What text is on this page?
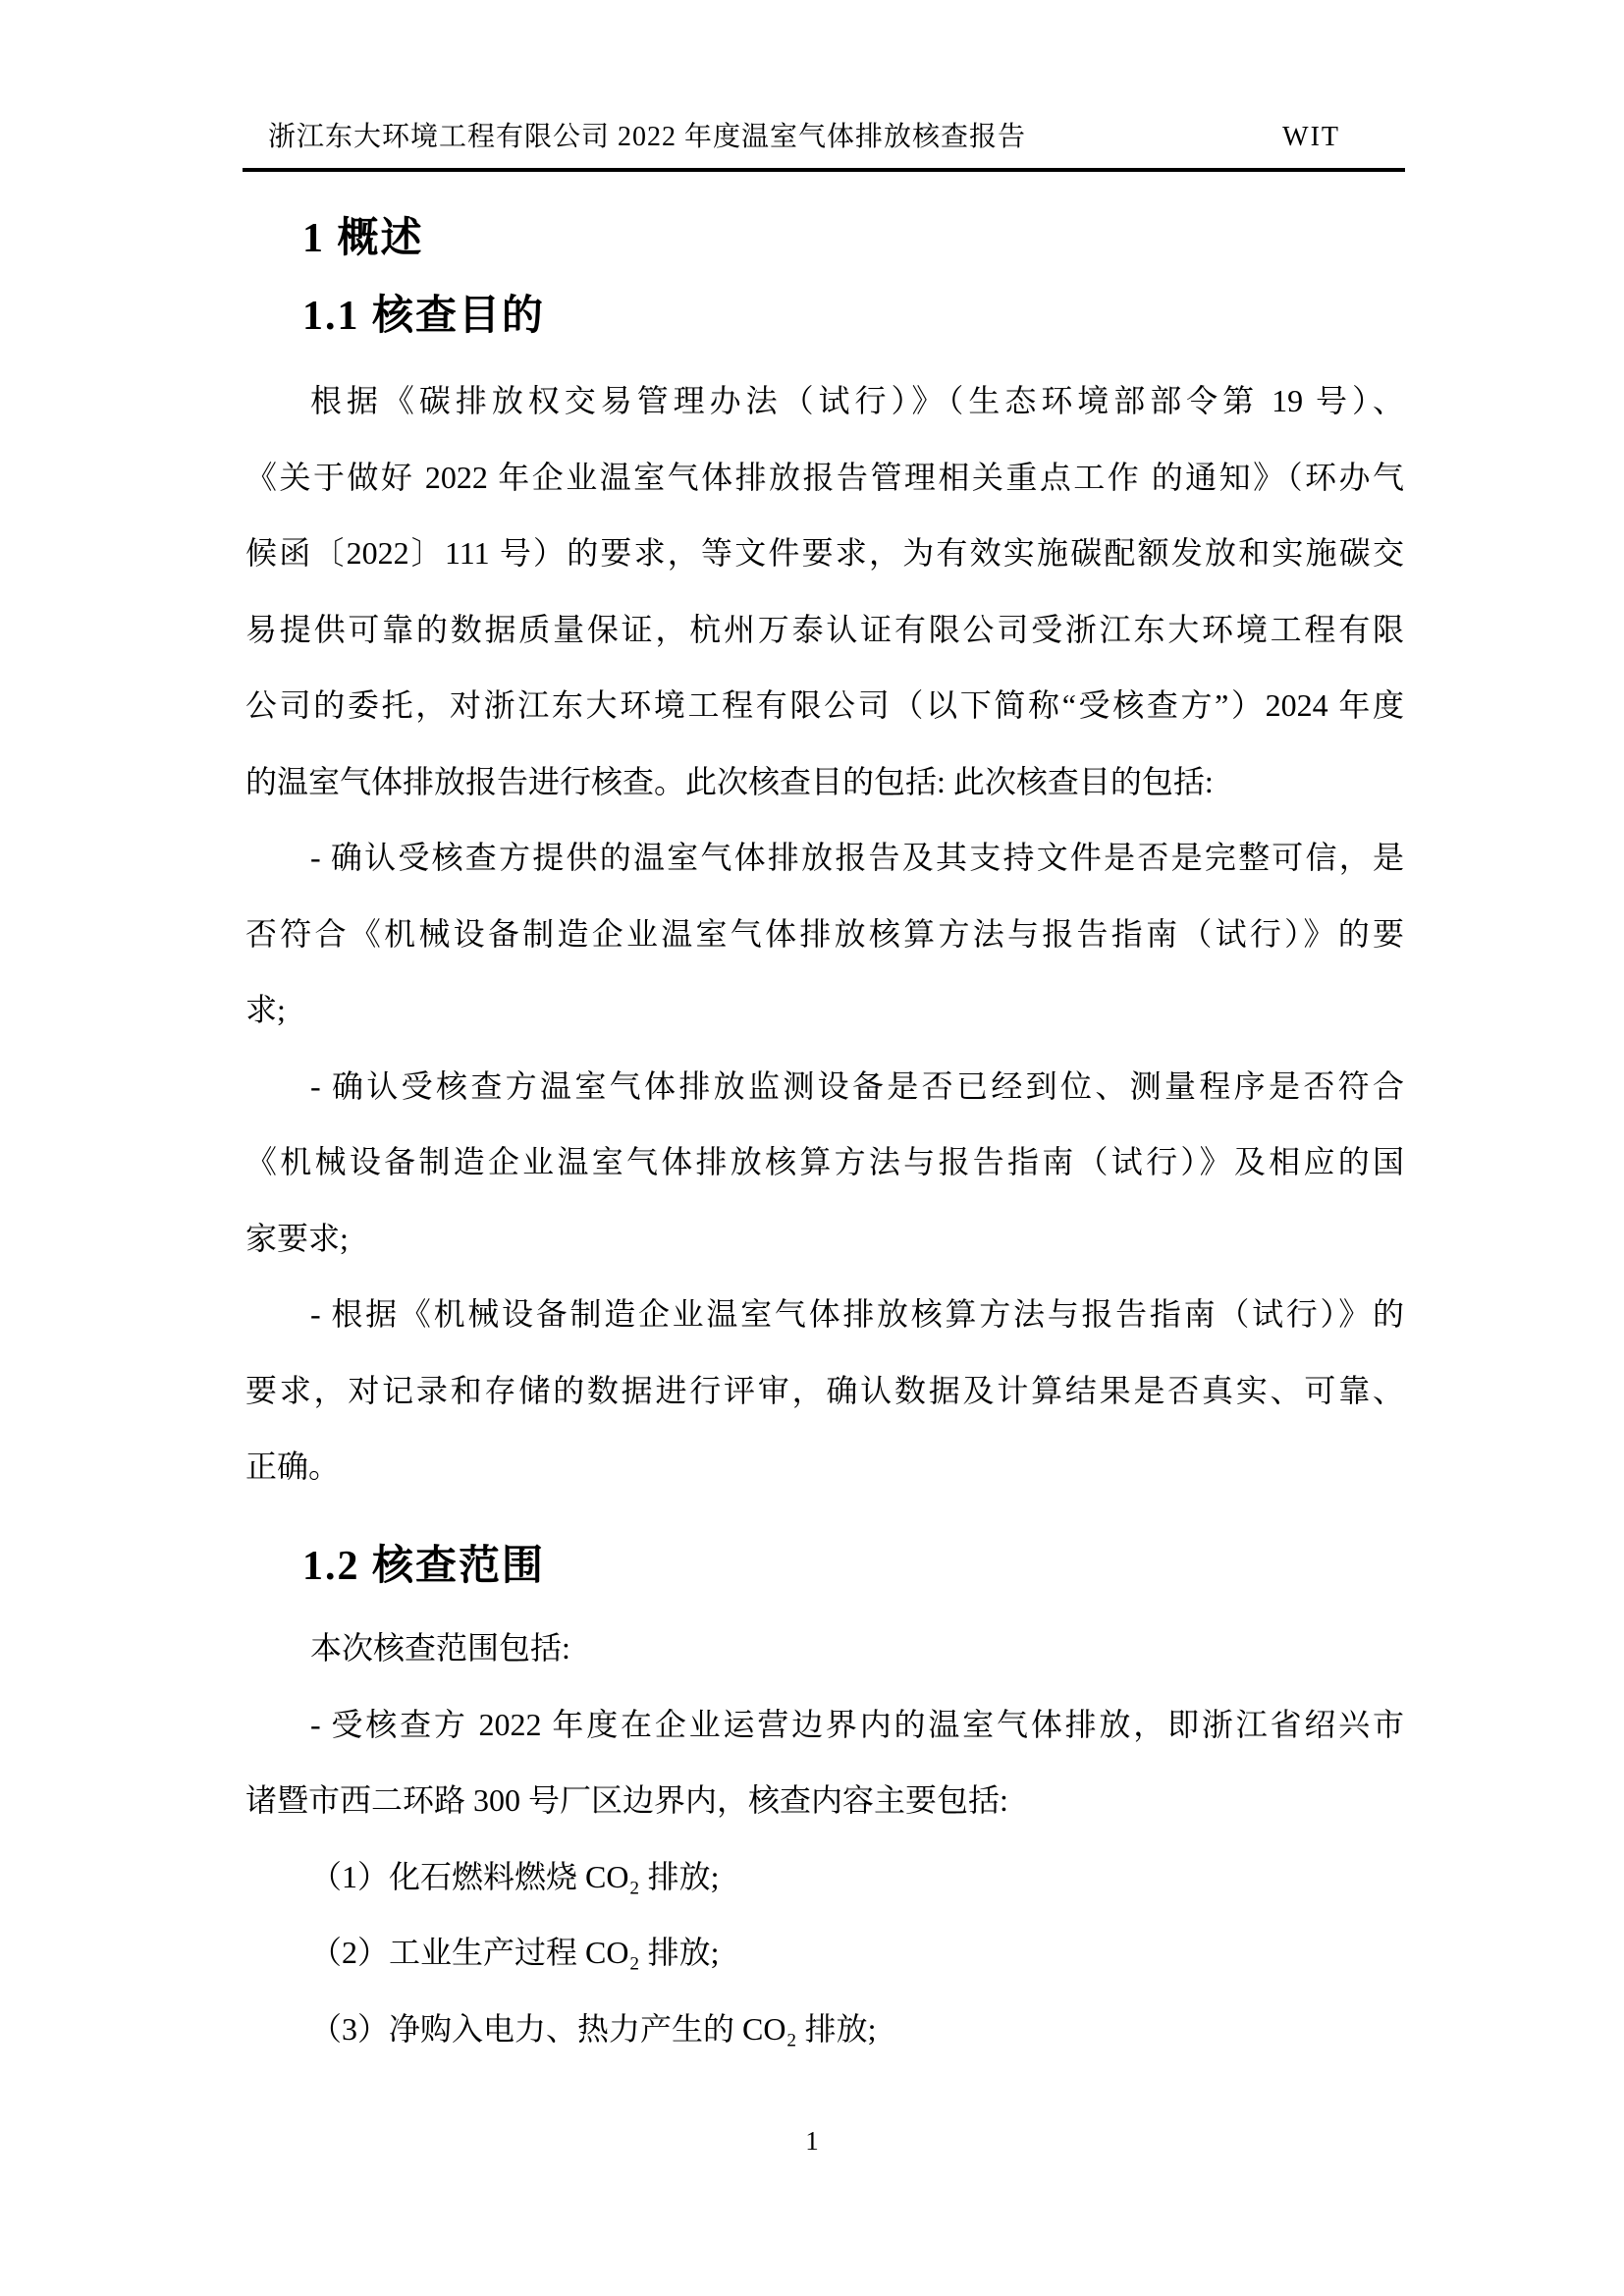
浙江东大环境工程有限公司 2022 年度温室气体排放核查报告	WIT
1 概述
1.1 核查目的
根据《碳排放权交易管理办法（试行）》（生态环境部部令第 19 号）、
《关于做好 2022 年企业温室气体排放报告管理相关重点工作 的通知》（环办气
候函〔2022〕111 号）的要求，等文件要求，为有效实施碳配额发放和实施碳交
易提供可靠的数据质量保证，杭州万泰认证有限公司受浙江东大环境工程有限
公司的委托，对浙江东大环境工程有限公司（以下简称“受核查方”）2024 年度
的温室气体排放报告进行核查。此次核查目的包括: 此次核查目的包括:
- 确认受核查方提供的温室气体排放报告及其支持文件是否是完整可信，是
否符合《机械设备制造企业温室气体排放核算方法与报告指南（试行）》的要
求;
- 确认受核查方温室气体排放监测设备是否已经到位、测量程序是否符合
《机械设备制造企业温室气体排放核算方法与报告指南（试行）》及相应的国
家要求;
- 根据《机械设备制造企业温室气体排放核算方法与报告指南（试行）》的
要求，对记录和存储的数据进行评审，确认数据及计算结果是否真实、可靠、
正确。
1.2 核查范围
本次核查范围包括:
- 受核查方 2022 年度在企业运营边界内的温室气体排放，即浙江省绍兴市
诸暨市西二环路 300 号厂区边界内，核查内容主要包括:
（1）化石燃料燃烧 CO₂ 排放;
（2）工业生产过程 CO₂ 排放;
（3）净购入电力、热力产生的 CO₂ 排放;
1
